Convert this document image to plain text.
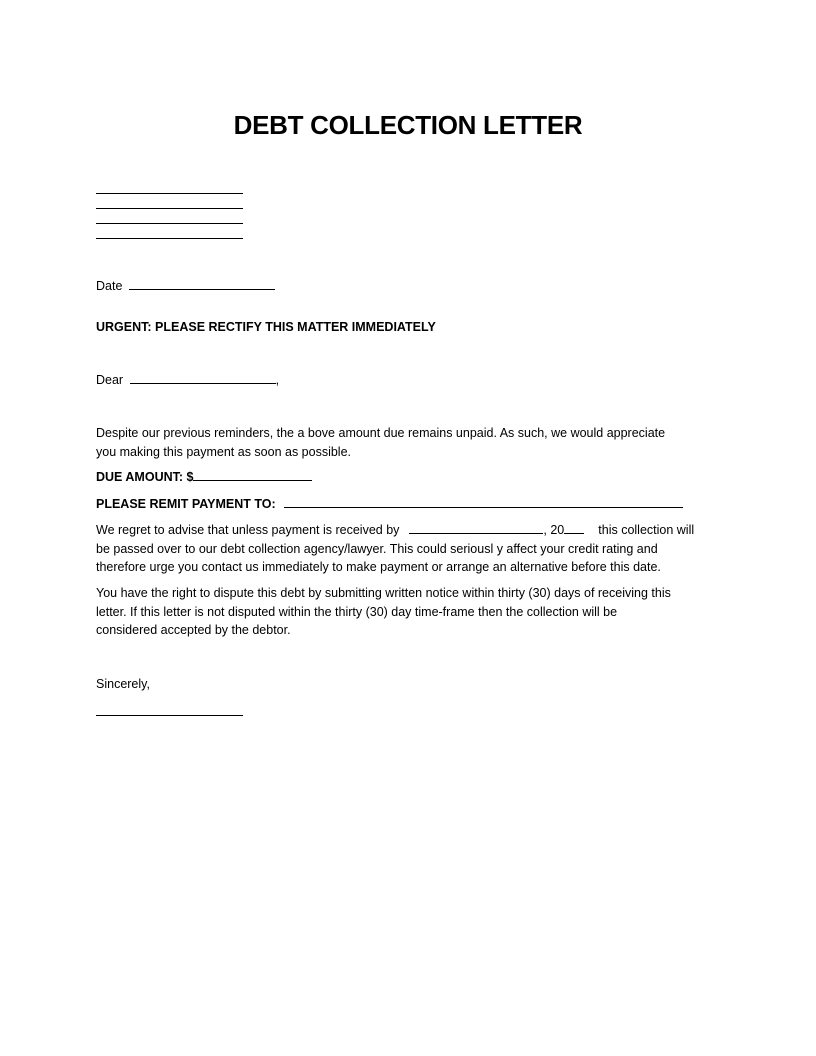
DEBT COLLECTION LETTER
Date
URGENT: PLEASE RECTIFY THIS MATTER IMMEDIATELY
Dear	,
Despite our previous reminders, the a bove amount due remains unpaid. As such, we would appreciate
you making this payment as soon as possible.
DUE AMOUNT: $
PLEASE REMIT PAYMENT TO:
We regret to advise that unless payment is received by	, 20	this collection will
be passed over to our debt collection agency/lawyer. This could seriousl y affect your credit rating and
therefore urge you contact us immediately to make payment or arrange an alternative before this date.
You have the right to dispute this debt by submitting written notice within thirty (30) days of receiving this
letter. If this letter is not disputed within the thirty (30) day time-frame then the collection will be
considered accepted by the debtor.
Sincerely,
